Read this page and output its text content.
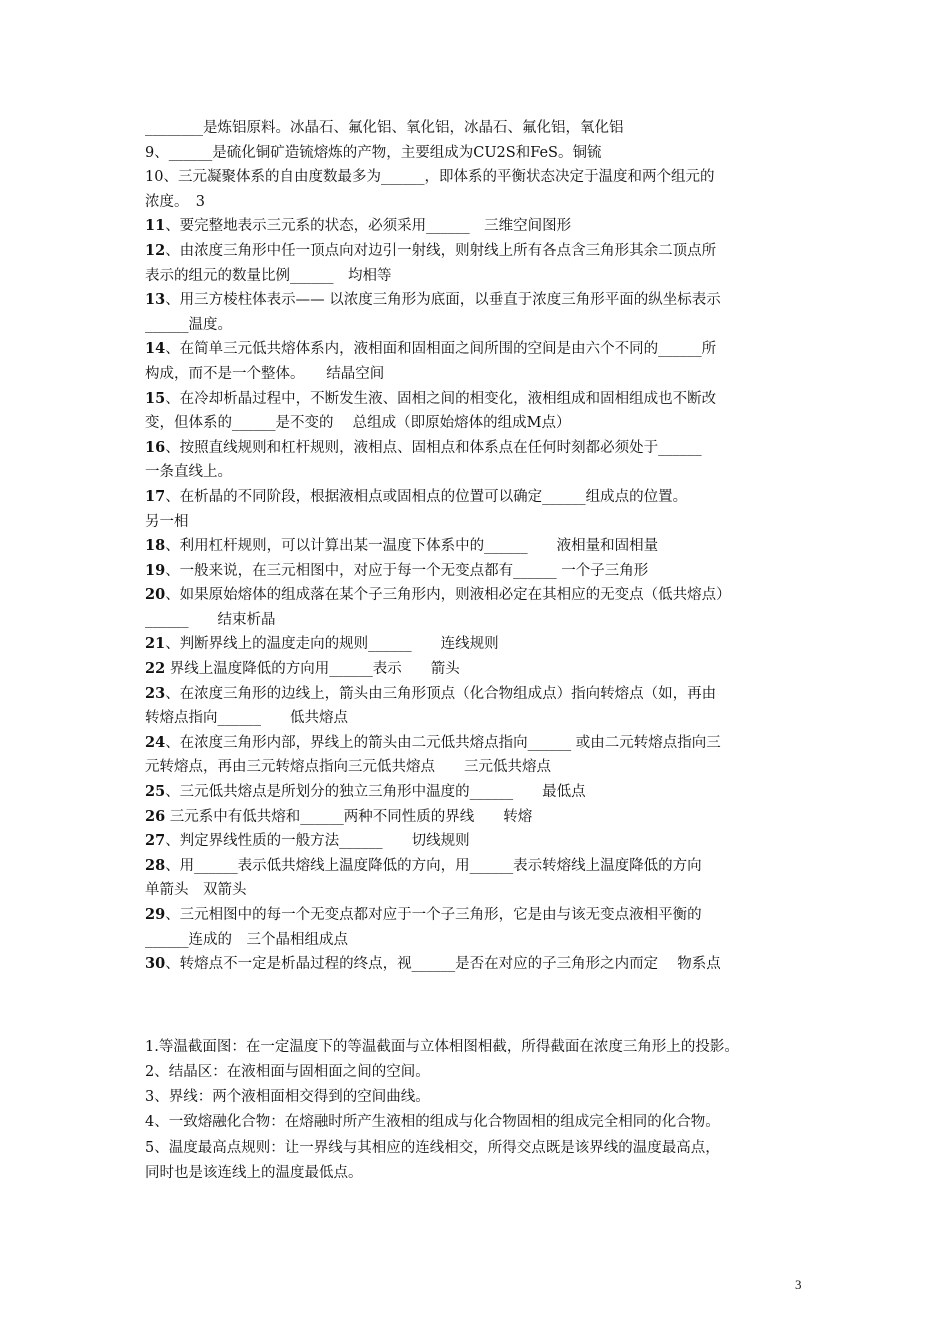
________是炼铝原料。冰晶石、氟化铝、氧化铝，冰晶石、氟化铝，氧化铝
9、______是硫化铜矿造锍熔炼的产物，主要组成为CU2S和FeS。铜锍
10、三元凝聚体系的自由度数最多为______，即体系的平衡状态决定于温度和两个组元的
浓度。　3
11、要完整地表示三元系的状态，必须采用______　三维空间图形
12、由浓度三角形中任一顶点向对边引一射线，则射线上所有各点含三角形其余二顶点所
表示的组元的数量比例______　均相等
13、用三方棱柱体表示—— 以浓度三角形为底面，以垂直于浓度三角形平面的纵坐标表示
______温度。
14、在简单三元低共熔体系内，液相面和固相面之间所围的空间是由六个不同的______所
构成，而不是一个整体。　　结晶空间
15、在冷却析晶过程中，不断发生液、固相之间的相变化，液相组成和固相组成也不断改
变，但体系的______是不变的　 总组成（即原始熔体的组成M点）
16、按照直线规则和杠杆规则，液相点、固相点和体系点在任何时刻都必须处于______
一条直线上。
17、在析晶的不同阶段，根据液相点或固相点的位置可以确定______组成点的位置。
另一相
18、利用杠杆规则，可以计算出某一温度下体系中的______　　液相量和固相量
19、一般来说，在三元相图中，对应于每一个无变点都有______ 一个子三角形
20、如果原始熔体的组成落在某个子三角形内，则液相必定在其相应的无变点（低共熔点）
______　　结束析晶
21、判断界线上的温度走向的规则______　　连线规则
22 界线上温度降低的方向用______表示　　箭头
23、在浓度三角形的边线上，箭头由三角形顶点（化合物组成点）指向转熔点（如，再由
转熔点指向______　　低共熔点
24、在浓度三角形内部，界线上的箭头由二元低共熔点指向______ 或由二元转熔点指向三
元转熔点，再由三元转熔点指向三元低共熔点　　三元低共熔点
25、三元低共熔点是所划分的独立三角形中温度的______　　最低点
26 三元系中有低共熔和______两种不同性质的界线　　转熔
27、判定界线性质的一般方法______　　切线规则
28、用______表示低共熔线上温度降低的方向，用______表示转熔线上温度降低的方向
单箭头　双箭头
29、三元相图中的每一个无变点都对应于一个子三角形，它是由与该无变点液相平衡的
______连成的　三个晶相组成点
30、转熔点不一定是析晶过程的终点，视______是否在对应的子三角形之内而定　 物系点
1.等温截面图：在一定温度下的等温截面与立体相图相截，所得截面在浓度三角形上的投影。
2、结晶区：在液相面与固相面之间的空间。
3、界线：两个液相面相交得到的空间曲线。
4、一致熔融化合物：在熔融时所产生液相的组成与化合物固相的组成完全相同的化合物。
5、温度最高点规则：让一界线与其相应的连线相交，所得交点既是该界线的温度最高点，
同时也是该连线上的温度最低点。
3
